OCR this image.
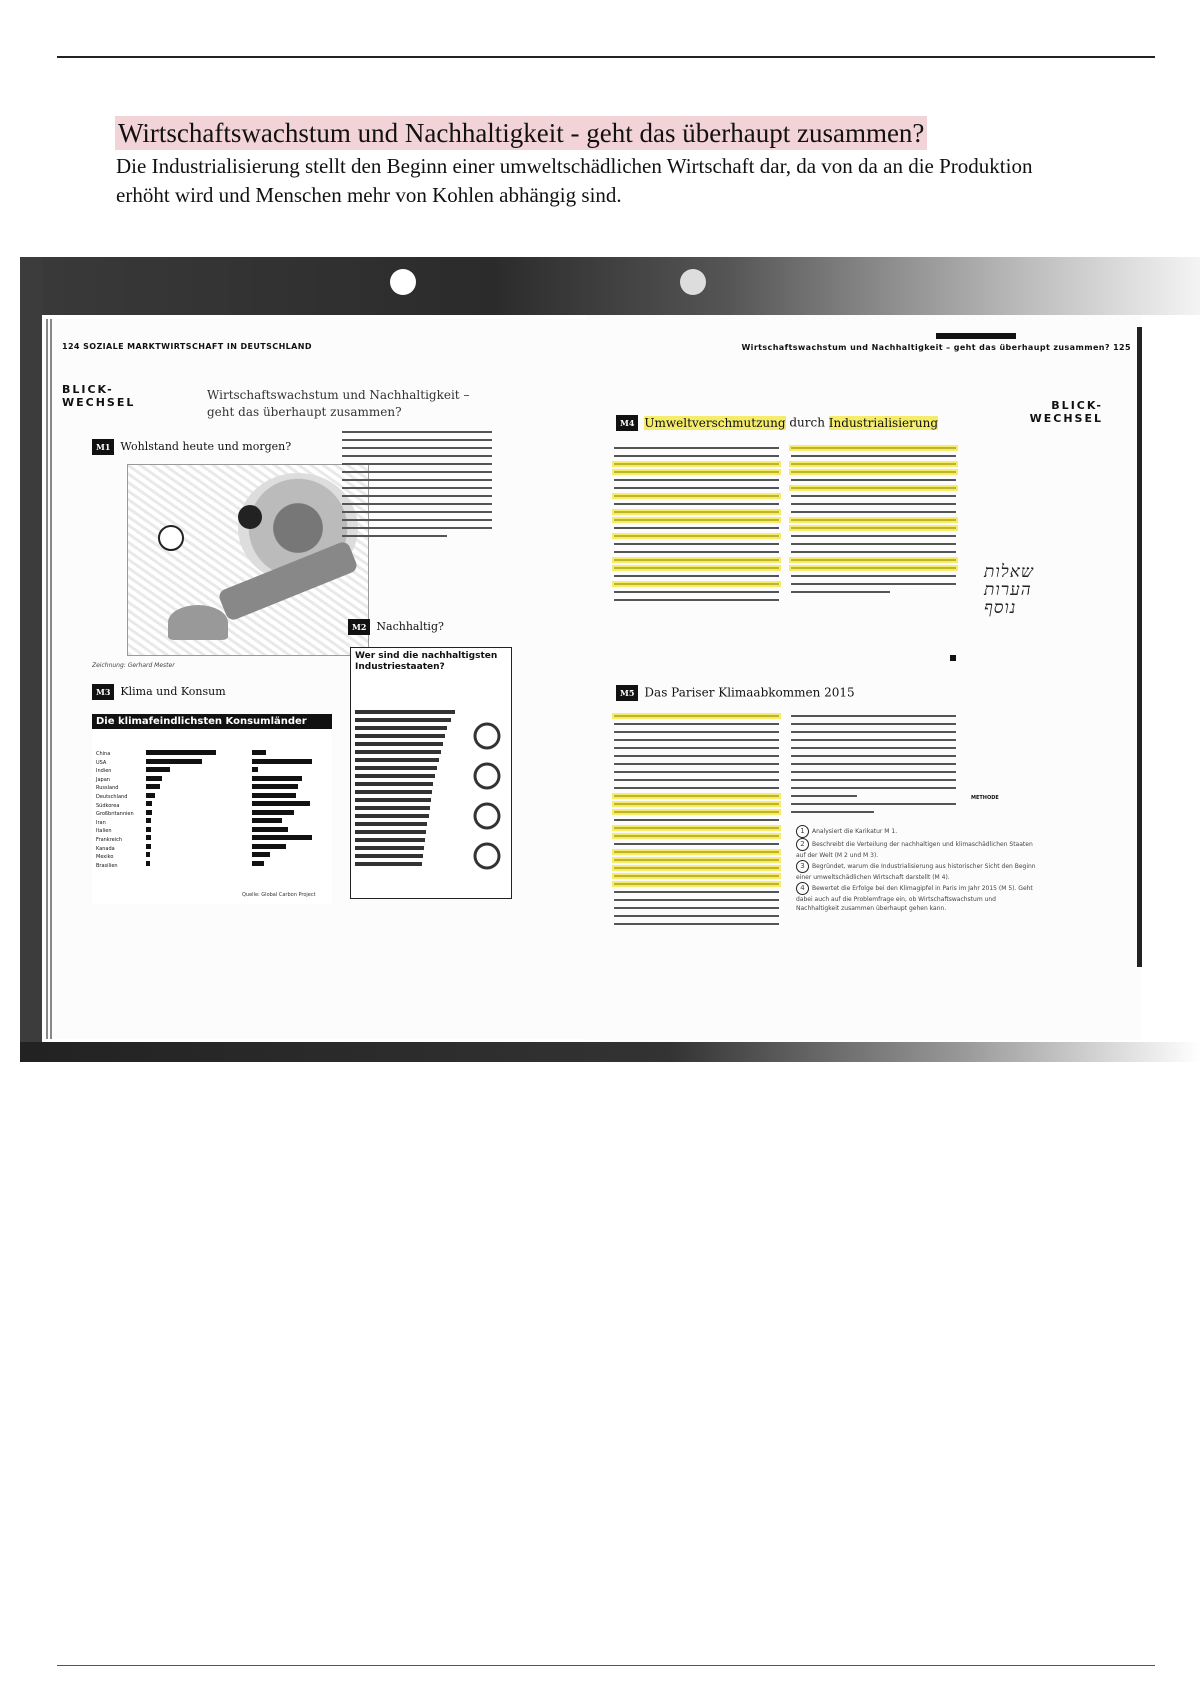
Wirtschaftswachstum und Nachhaltigkeit - geht das überhaupt zusammen?
Die Industrialisierung stellt den Beginn einer umweltschädlichen Wirtschaft dar, da von da an die Produktion erhöht wird und Menschen mehr von Kohlen abhängig sind.
124 SOZIALE MARKTWIRTSCHAFT IN DEUTSCHLAND
BLICK-
WECHSEL
Wirtschaftswachstum und Nachhaltigkeit –
geht das überhaupt zusammen?
M1 Wohlstand heute und morgen?
Zeichnung: Gerhard Mester
M2 Nachhaltig?
Wer sind die nachhaltigsten Industriestaaten?
M3 Klima und Konsum
Die klimafeindlichsten Konsumländer
China
USA
Indien
Japan
Russland
Deutschland
Südkorea
Großbritannien
Iran
Italien
Frankreich
Kanada
Mexiko
Brasilien
Quelle: Global Carbon Project
Wirtschaftswachstum und Nachhaltigkeit – geht das überhaupt zusammen? 125
BLICK-
WECHSEL
M4 Umweltverschmutzung durch Industrialisierung
שאלות
הערות
נוסף
M5 Das Pariser Klimaabkommen 2015
METHODE
1 Analysiert die Karikatur M 1.
2 Beschreibt die Verteilung der nachhaltigen und klimaschädlichen Staaten auf der Welt (M 2 und M 3).
3 Begründet, warum die Industrialisierung aus historischer Sicht den Beginn einer umweltschädlichen Wirtschaft darstellt (M 4).
4 Bewertet die Erfolge bei den Klimagipfel in Paris im Jahr 2015 (M 5). Geht dabei auch auf die Problemfrage ein, ob Wirtschaftswachstum und Nachhaltigkeit zusammen überhaupt gehen kann.
